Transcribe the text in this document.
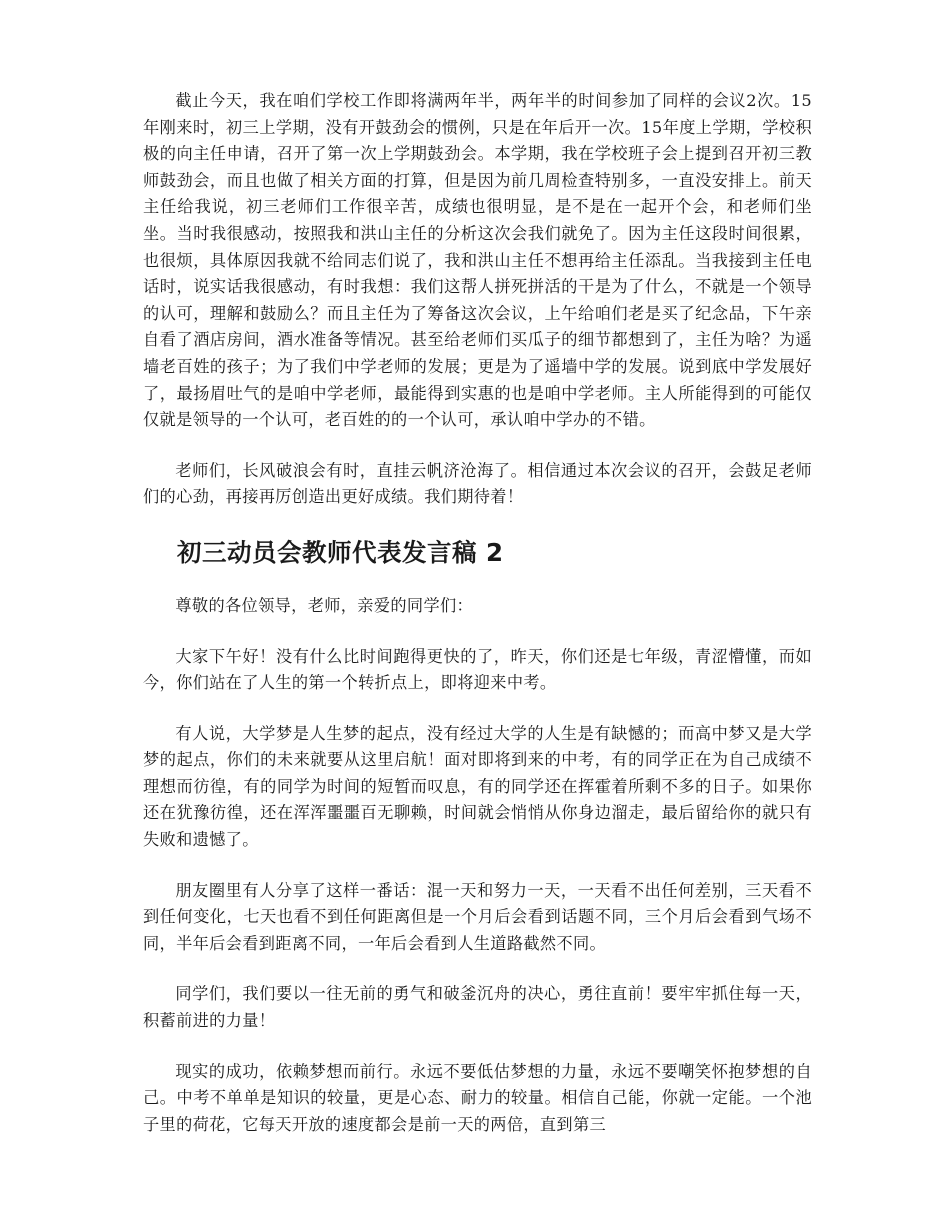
截止今天，我在咱们学校工作即将满两年半，两年半的时间参加了同样的会议2次。15年刚来时，初三上学期，没有开鼓劲会的惯例，只是在年后开一次。15年度上学期，学校积极的向主任申请，召开了第一次上学期鼓劲会。本学期，我在学校班子会上提到召开初三教师鼓劲会，而且也做了相关方面的打算，但是因为前几周检查特别多，一直没安排上。前天主任给我说，初三老师们工作很辛苦，成绩也很明显，是不是在一起开个会，和老师们坐坐。当时我很感动，按照我和洪山主任的分析这次会我们就免了。因为主任这段时间很累，也很烦，具体原因我就不给同志们说了，我和洪山主任不想再给主任添乱。当我接到主任电话时，说实话我很感动，有时我想：我们这帮人拼死拼活的干是为了什么，不就是一个领导的认可，理解和鼓励么？而且主任为了筹备这次会议，上午给咱们老是买了纪念品，下午亲自看了酒店房间，酒水准备等情况。甚至给老师们买瓜子的细节都想到了，主任为啥？为遥墙老百姓的孩子；为了我们中学老师的发展；更是为了遥墙中学的发展。说到底中学发展好了，最扬眉吐气的是咱中学老师，最能得到实惠的也是咱中学老师。主人所能得到的可能仅仅就是领导的一个认可，老百姓的的一个认可，承认咱中学办的不错。

老师们，长风破浪会有时，直挂云帆济沧海了。相信通过本次会议的召开，会鼓足老师们的心劲，再接再厉创造出更好成绩。我们期待着！

初三动员会教师代表发言稿 2

尊敬的各位领导，老师，亲爱的同学们：

大家下午好！没有什么比时间跑得更快的了，昨天，你们还是七年级，青涩懵懂，而如今，你们站在了人生的第一个转折点上，即将迎来中考。

有人说，大学梦是人生梦的起点，没有经过大学的人生是有缺憾的；而高中梦又是大学梦的起点，你们的未来就要从这里启航！面对即将到来的中考，有的同学正在为自己成绩不理想而彷徨，有的同学为时间的短暂而叹息，有的同学还在挥霍着所剩不多的日子。如果你还在犹豫彷徨，还在浑浑噩噩百无聊赖，时间就会悄悄从你身边溜走，最后留给你的就只有失败和遗憾了。

朋友圈里有人分享了这样一番话：混一天和努力一天，一天看不出任何差别，三天看不到任何变化，七天也看不到任何距离但是一个月后会看到话题不同，三个月后会看到气场不同，半年后会看到距离不同，一年后会看到人生道路截然不同。

同学们，我们要以一往无前的勇气和破釜沉舟的决心，勇往直前！要牢牢抓住每一天，积蓄前进的力量！

现实的成功，依赖梦想而前行。永远不要低估梦想的力量，永远不要嘲笑怀抱梦想的自己。中考不单单是知识的较量，更是心态、耐力的较量。相信自己能，你就一定能。一个池子里的荷花，它每天开放的速度都会是前一天的两倍，直到第三
